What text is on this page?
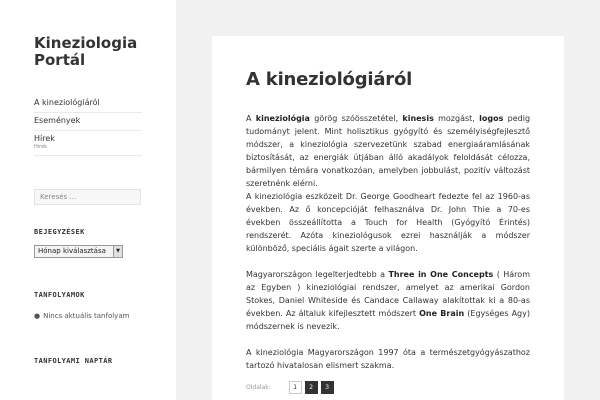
Kineziologia Portál
A kineziológiáról
Események
Hírek
Hírek
Keresés …
BEJEGYZÉSEK
Hónap kiválasztása	▼
TANFOLYAMOK
● Nincs aktuális tanfolyam
TANFOLYAMI NAPTÁR
A kineziológiáról

A kineziológia görög szóösszetétel, kinesis mozgást, logos pedig tudományt jelent. Mint holisztikus gyógyító és személyiségfejlesztő módszer, a kineziológia szervezetünk szabad energiaáramlásának biztosítását, az energiák útjában álló akadályok feloldását célozza, bármilyen témára vonatkozóan, amelyben jobbulást, pozitív változást szeretnénk elérni.

A kineziológia eszközeit Dr. George Goodheart fedezte fel az 1960-as években. Az ő koncepcióját felhasználva Dr. John Thie a 70-es években összeállította a Touch for Health (Gyógyító Érintés) rendszerét. Azóta kineziológusok ezrei használják a módszer különböző, speciális ágait szerte a világon.

Magyarországon legelterjedtebb a Three in One Concepts ( Három az Egyben ) kineziológiai rendszer, amelyet az amerikai Gordon Stokes, Daniel Whiteside és Candace Callaway alakítottak ki a 80-as években. Az általuk kifejlesztett módszert One Brain (Egységes Agy) módszernek is nevezik.

A kineziológia Magyarországon 1997 óta a természetgyógyászathoz tartozó hivatalosan elismert szakma.

Oldalak:	1	2	3
